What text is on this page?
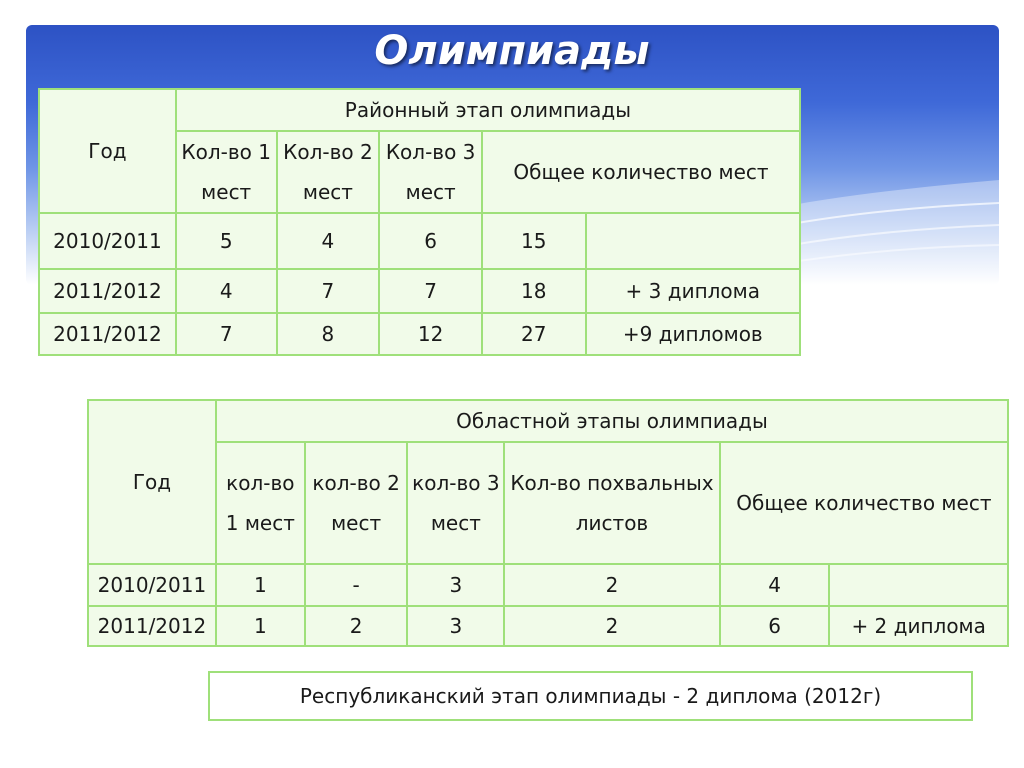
Олимпиады
Год	Районный этап олимпиады				
	Кол-во 1 мест	Кол-во 2 мест	Кол-во 3 мест	Общее количество мест	
2010/2011	5	4	6	15	
2011/2012	4	7	7	18	+ 3 диплома
2011/2012	7	8	12	27	+9 дипломов
Год	Областной этапы олимпиады					
	кол-во 1 мест	кол-во 2 мест	кол-во 3 мест	Кол-во похвальных листов	Общее количество мест	
2010/2011	1	-	3	2	4	
2011/2012	1	2	3	2	6	+ 2 диплома
Республиканский этап олимпиады - 2 диплома (2012г)
